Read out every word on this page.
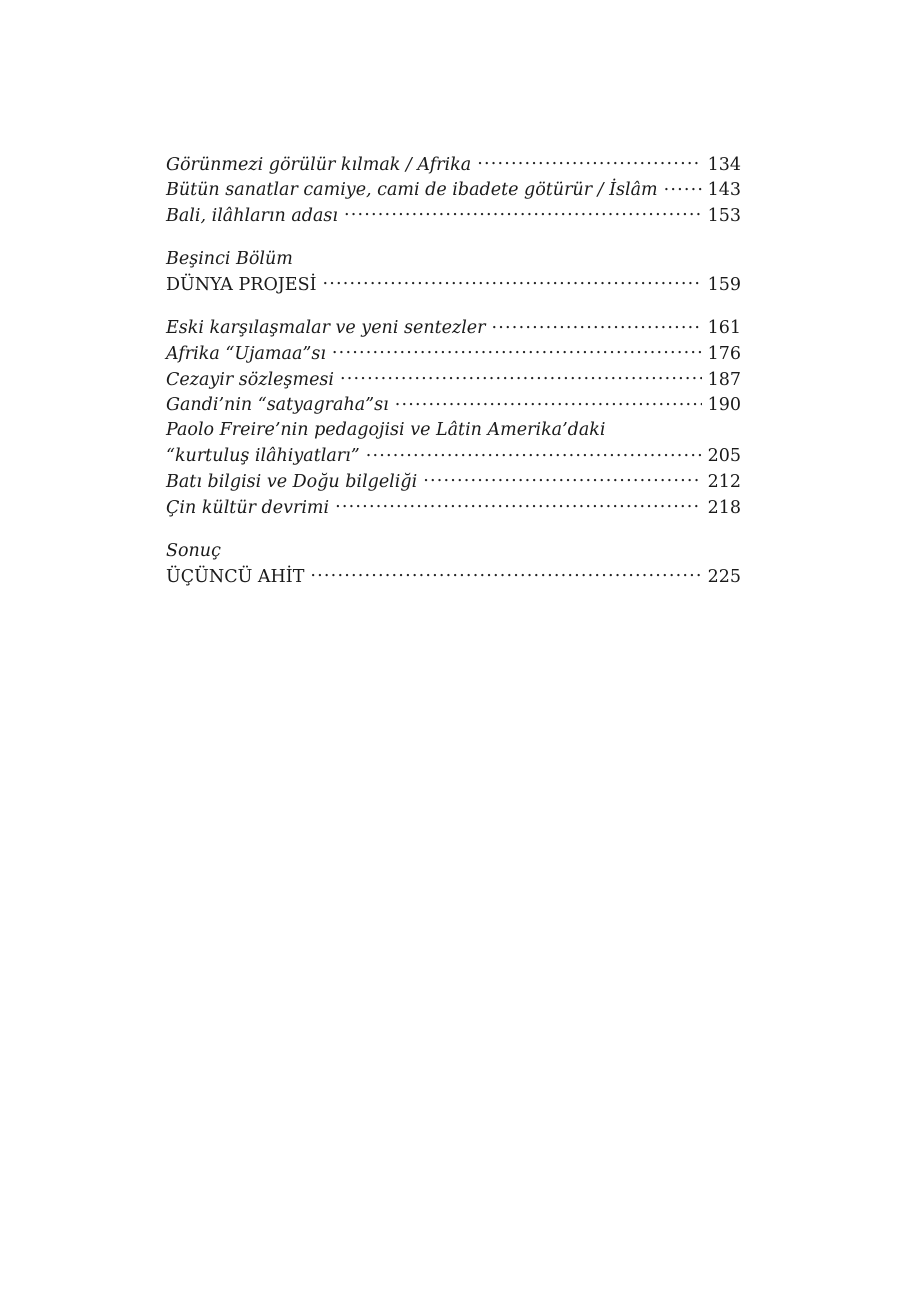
Görünmezi görülür kılmak / Afrika .....	134
Bütün sanatlar camiye, cami de ibadete götürür / İslâm .....	143
Bali, ilâhların adası .....	153
Beşinci Bölüm
DÜNYA PROJESİ .....	159
Eski karşılaşmalar ve yeni sentezler .....	161
Afrika “Ujamaa”sı .....	176
Cezayir sözleşmesi .....	187
Gandi’nin “satyagraha”sı .....	190
Paolo Freire’nin pedagojisi ve Lâtin Amerika’daki
“kurtuluş ilâhiyatları” .....	205
Batı bilgisi ve Doğu bilgeliği .....	212
Çin kültür devrimi .....	218
Sonuç
ÜÇÜNCÜ AHİT .....	225
